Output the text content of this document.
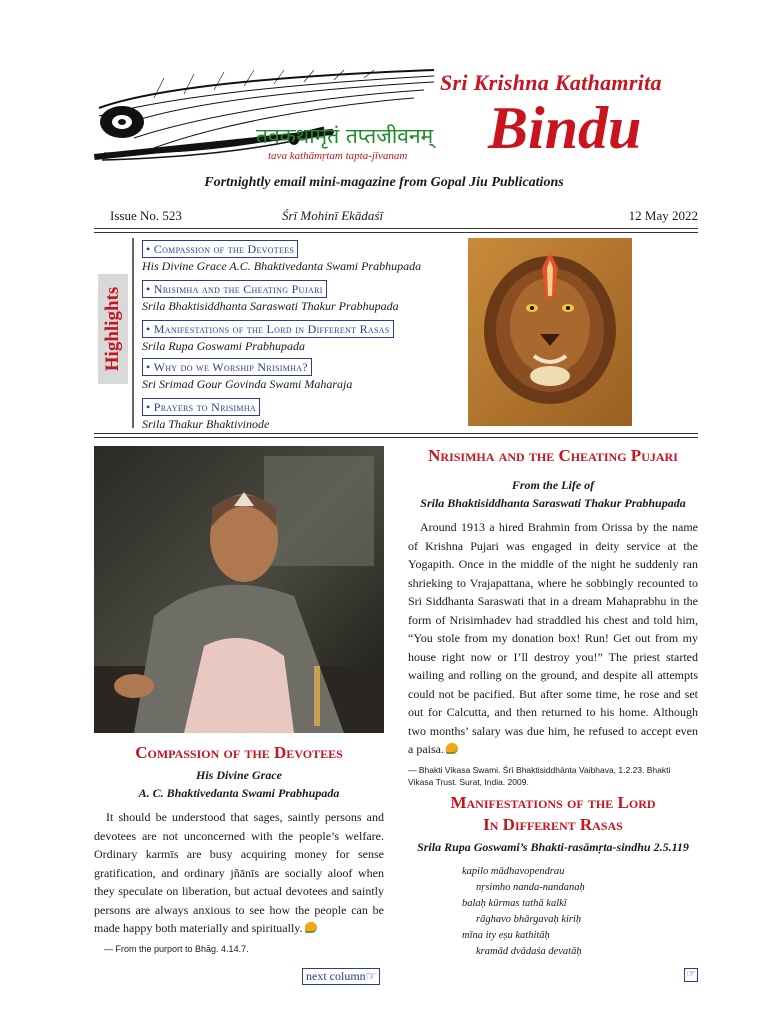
Sri Krishna Kathamrita
Bindu
तवकथामृतं तप्तजीवनम्
tava kathāmṛtam tapta-jīvanam
Fortnightly email mini-magazine from Gopal Jiu Publications
Issue No. 523	Śrī Mohinī Ekādaśī	12 May 2022
Highlights
• Compassion of the Devotees
His Divine Grace A.C. Bhaktivedanta Swami Prabhupada
• Nrisimha and the Cheating Pujari
Srila Bhaktisiddhanta Saraswati Thakur Prabhupada
• Manifestations of the Lord in Different Rasas
Srila Rupa Goswami Prabhupada
• Why do we Worship Nrisimha?
Sri Srimad Gour Govinda Swami Maharaja
• Prayers to Nrisimha
Srila Thakur Bhaktivinode
Compassion of the Devotees
His Divine Grace
A. C. Bhaktivedanta Swami Prabhupada
It should be understood that sages, saintly persons and devotees are not unconcerned with the people’s welfare. Ordinary karmīs are busy acquiring money for sense gratification, and ordinary jñānīs are socially aloof when they speculate on liberation, but actual devotees and saintly persons are always anxious to see how the people can be made happy both materially and spiritually.
— From the purport to Bhāg. 4.14.7.
Nrisimha and the Cheating Pujari
From the Life of
Srila Bhaktisiddhanta Saraswati Thakur Prabhupada
Around 1913 a hired Brahmin from Orissa by the name of Krishna Pujari was engaged in deity service at the Yogapith. Once in the middle of the night he suddenly ran shrieking to Vrajapattana, where he sobbingly recounted to Sri Siddhanta Saraswati that in a dream Mahaprabhu in the form of Nrisimhadev had straddled his chest and told him, “You stole from my donation box! Run! Get out from my house right now or I’ll destroy you!” The priest started wailing and rolling on the ground, and despite all attempts could not be pacified. But after some time, he rose and set out for Calcutta, and then returned to his home. Although two months’ salary was due him, he refused to accept even a paisa.
— Bhakti Vikasa Swami. Śrī Bhaktisiddhānta Vaibhava, 1.2.23. Bhakti Vikasa Trust. Surat, India. 2009.
Manifestations of the Lord
In Different Rasas
Srila Rupa Goswami’s Bhakti-rasāmṛta-sindhu 2.5.119
kapilo mādhavopendrau
nṛsimho nanda-nandanaḥ
balaḥ kūrmas tathā kalkī
rāghavo bhārgavaḥ kiriḥ
mīna ity eṣu kathitāḥ
kramād dvādaśa devatāḥ
next column☞	☞
